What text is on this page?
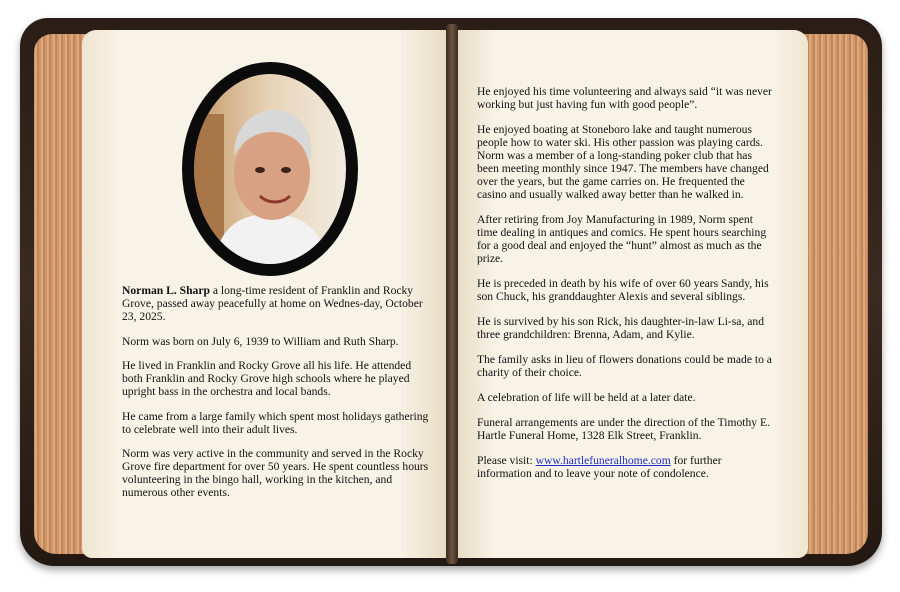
Norman L. Sharp a long-time resident of Franklin and Rocky Grove, passed away peacefully at home on Wednes-day, October 23, 2025.

Norm was born on July 6, 1939 to William and Ruth Sharp.

He lived in Franklin and Rocky Grove all his life. He attended both Franklin and Rocky Grove high schools where he played upright bass in the orchestra and local bands.

He came from a large family which spent most holidays gathering to celebrate well into their adult lives.

Norm was very active in the community and served in the Rocky Grove fire department for over 50 years. He spent countless hours volunteering in the bingo hall, working in the kitchen, and numerous other events.

He enjoyed his time volunteering and always said “it was never working but just having fun with good people”.

He enjoyed boating at Stoneboro lake and taught numerous people how to water ski. His other passion was playing cards. Norm was a member of a long-standing poker club that has been meeting monthly since 1947. The members have changed over the years, but the game carries on. He frequented the casino and usually walked away better than he walked in.

After retiring from Joy Manufacturing in 1989, Norm spent time dealing in antiques and comics. He spent hours searching for a good deal and enjoyed the “hunt” almost as much as the prize.

He is preceded in death by his wife of over 60 years Sandy, his son Chuck, his granddaughter Alexis and several siblings.

He is survived by his son Rick, his daughter-in-law Li-sa, and three grandchildren: Brenna, Adam, and Kylie.

The family asks in lieu of flowers donations could be made to a charity of their choice.

A celebration of life will be held at a later date.

Funeral arrangements are under the direction of the Timothy E. Hartle Funeral Home, 1328 Elk Street, Franklin.

Please visit: www.hartlefuneralhome.com for further information and to leave your note of condolence.
